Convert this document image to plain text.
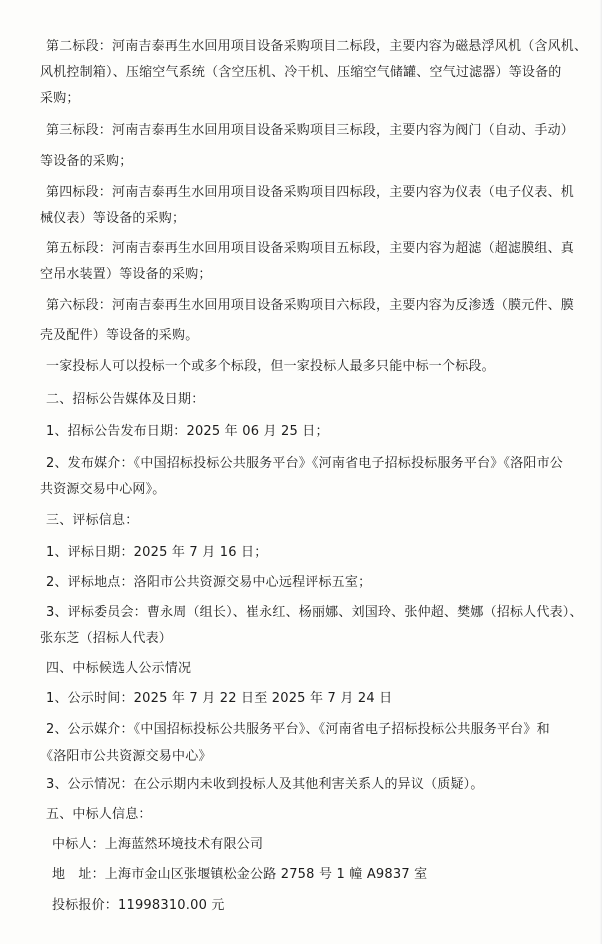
第二标段：河南吉泰再生水回用项目设备采购项目二标段，主要内容为磁悬浮风机（含风机、
风机控制箱）、压缩空气系统（含空压机、冷干机、压缩空气储罐、空气过滤器）等设备的
采购；
第三标段：河南吉泰再生水回用项目设备采购项目三标段，主要内容为阀门（自动、手动）
等设备的采购；
第四标段：河南吉泰再生水回用项目设备采购项目四标段，主要内容为仪表（电子仪表、机
械仪表）等设备的采购；
第五标段：河南吉泰再生水回用项目设备采购项目五标段，主要内容为超滤（超滤膜组、真
空吊水装置）等设备的采购；
第六标段：河南吉泰再生水回用项目设备采购项目六标段，主要内容为反渗透（膜元件、膜
壳及配件）等设备的采购。
一家投标人可以投标一个或多个标段，但一家投标人最多只能中标一个标段。
二、招标公告媒体及日期：
1、招标公告发布日期：2025 年 06 月 25 日；
2、发布媒介：《中国招标投标公共服务平台》《河南省电子招标投标服务平台》《洛阳市公
共资源交易中心网》。
三、评标信息：
1、评标日期：2025 年 7 月 16 日；
2、评标地点：洛阳市公共资源交易中心远程评标五室；
3、评标委员会：曹永周（组长）、崔永红、杨丽娜、刘国玲、张仲超、樊娜（招标人代表）、
张东芝（招标人代表）
四、中标候选人公示情况
1、公示时间：2025 年 7 月 22 日至 2025 年 7 月 24 日
2、公示媒介：《中国招标投标公共服务平台》、《河南省电子招标投标公共服务平台》和
《洛阳市公共资源交易中心》
3、公示情况：在公示期内未收到投标人及其他利害关系人的异议（质疑）。
五、中标人信息：
中标人：上海蓝然环境技术有限公司
地　址：上海市金山区张堰镇松金公路 2758 号 1 幢 A9837 室
投标报价：11998310.00 元
